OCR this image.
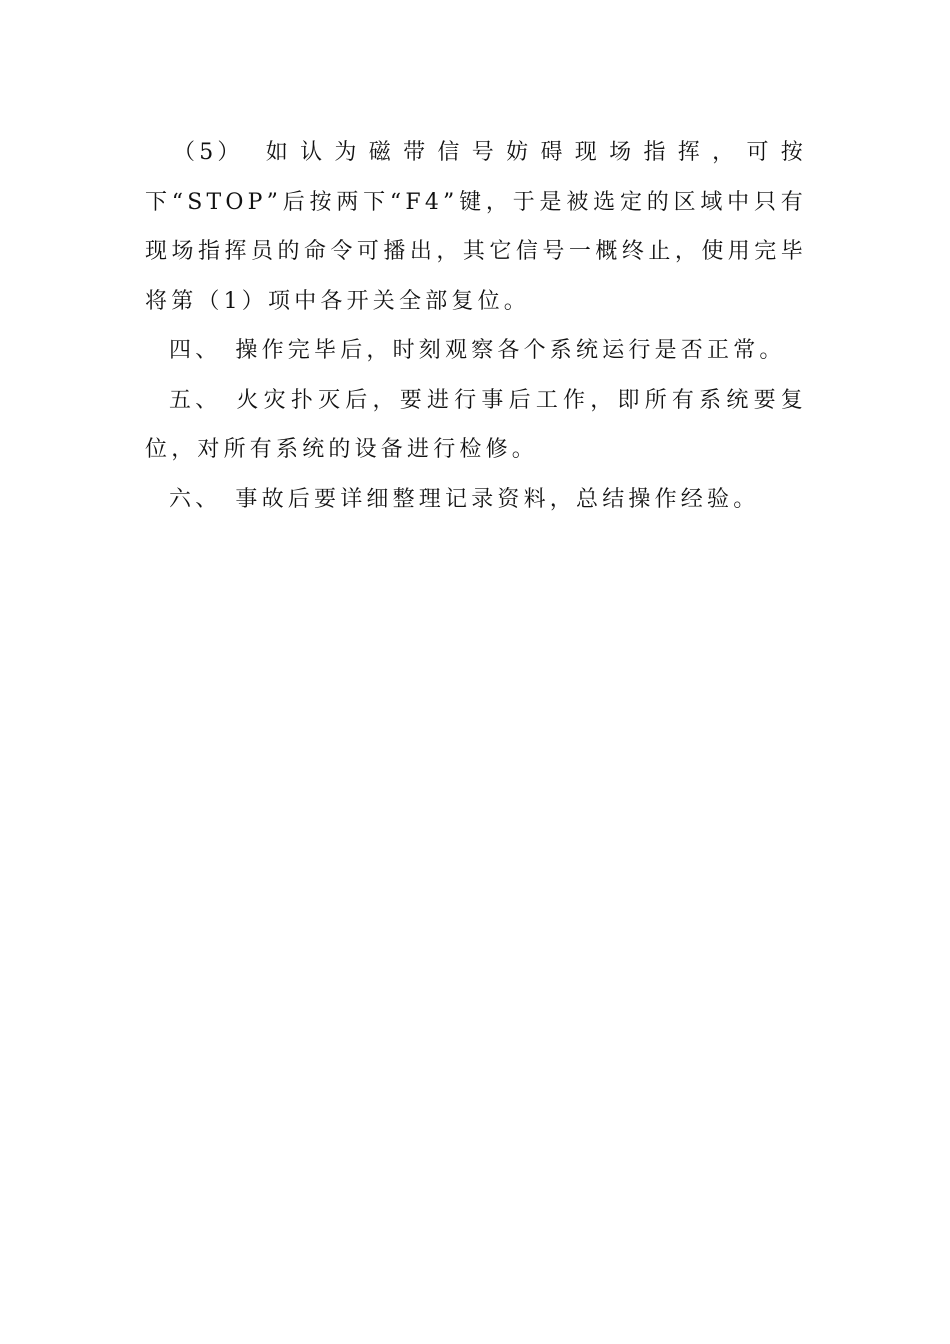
（5） 如认为磁带信号妨碍现场指挥，可按下“STOP”后按两下“F4”键，于是被选定的区域中只有现场指挥员的命令可播出，其它信号一概终止，使用完毕将第（1）项中各开关全部复位。

四、 操作完毕后，时刻观察各个系统运行是否正常。

五、 火灾扑灭后，要进行事后工作，即所有系统要复位，对所有系统的设备进行检修。

六、 事故后要详细整理记录资料，总结操作经验。
